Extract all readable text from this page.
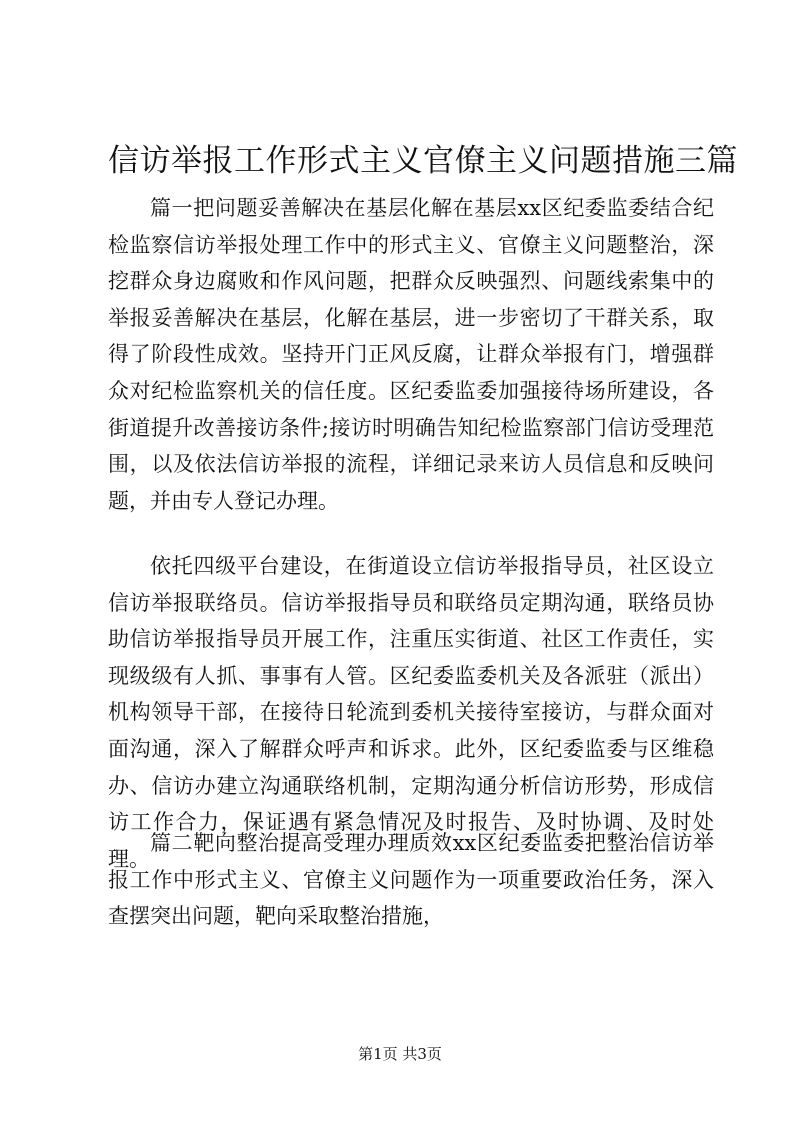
信访举报工作形式主义官僚主义问题措施三篇

篇一把问题妥善解决在基层化解在基层xx区纪委监委结合纪检监察信访举报处理工作中的形式主义、官僚主义问题整治，深挖群众身边腐败和作风问题，把群众反映强烈、问题线索集中的举报妥善解决在基层，化解在基层，进一步密切了干群关系，取得了阶段性成效。坚持开门正风反腐，让群众举报有门，增强群众对纪检监察机关的信任度。区纪委监委加强接待场所建设，各街道提升改善接访条件;接访时明确告知纪检监察部门信访受理范围，以及依法信访举报的流程，详细记录来访人员信息和反映问题，并由专人登记办理。

依托四级平台建设，在街道设立信访举报指导员，社区设立信访举报联络员。信访举报指导员和联络员定期沟通，联络员协助信访举报指导员开展工作，注重压实街道、社区工作责任，实现级级有人抓、事事有人管。区纪委监委机关及各派驻（派出）机构领导干部，在接待日轮流到委机关接待室接访，与群众面对面沟通，深入了解群众呼声和诉求。此外，区纪委监委与区维稳办、信访办建立沟通联络机制，定期沟通分析信访形势，形成信访工作合力，保证遇有紧急情况及时报告、及时协调、及时处理。

篇二靶向整治提高受理办理质效xx区纪委监委把整治信访举报工作中形式主义、官僚主义问题作为一项重要政治任务，深入查摆突出问题，靶向采取整治措施，

第1页 共3页
